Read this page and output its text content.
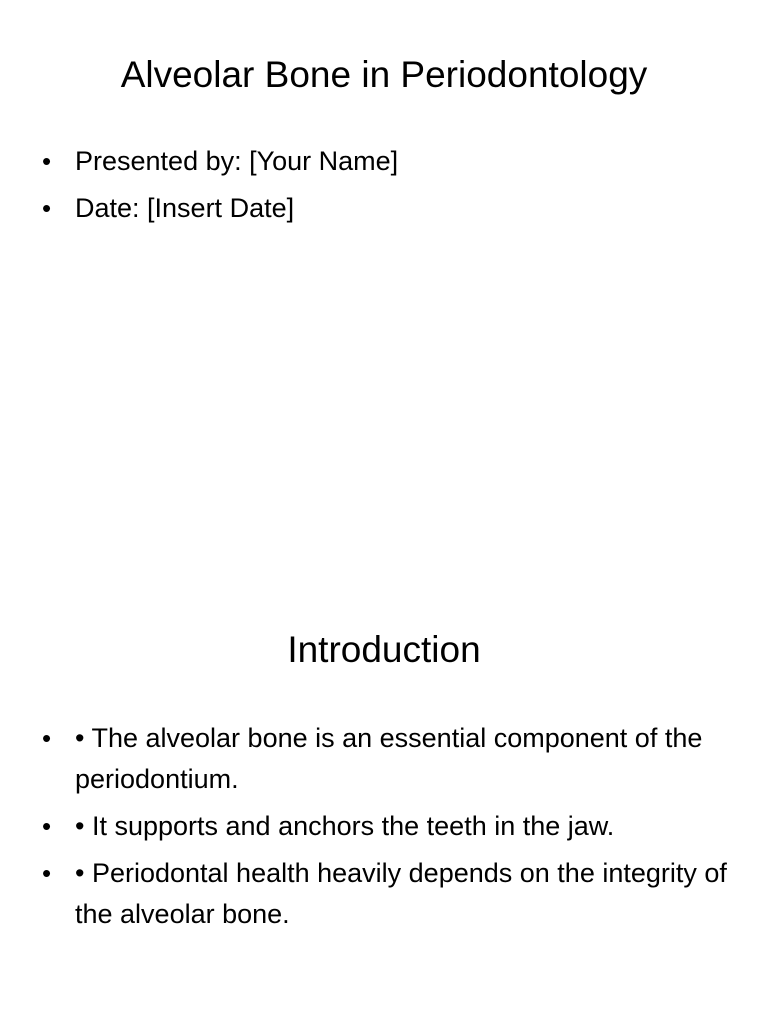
Alveolar Bone in Periodontology
•
Presented by: [Your Name]
•
Date: [Insert Date]
Introduction
•
• The alveolar bone is an essential component of the periodontium.
•
• It supports and anchors the teeth in the jaw.
•
• Periodontal health heavily depends on the integrity of the alveolar bone.
